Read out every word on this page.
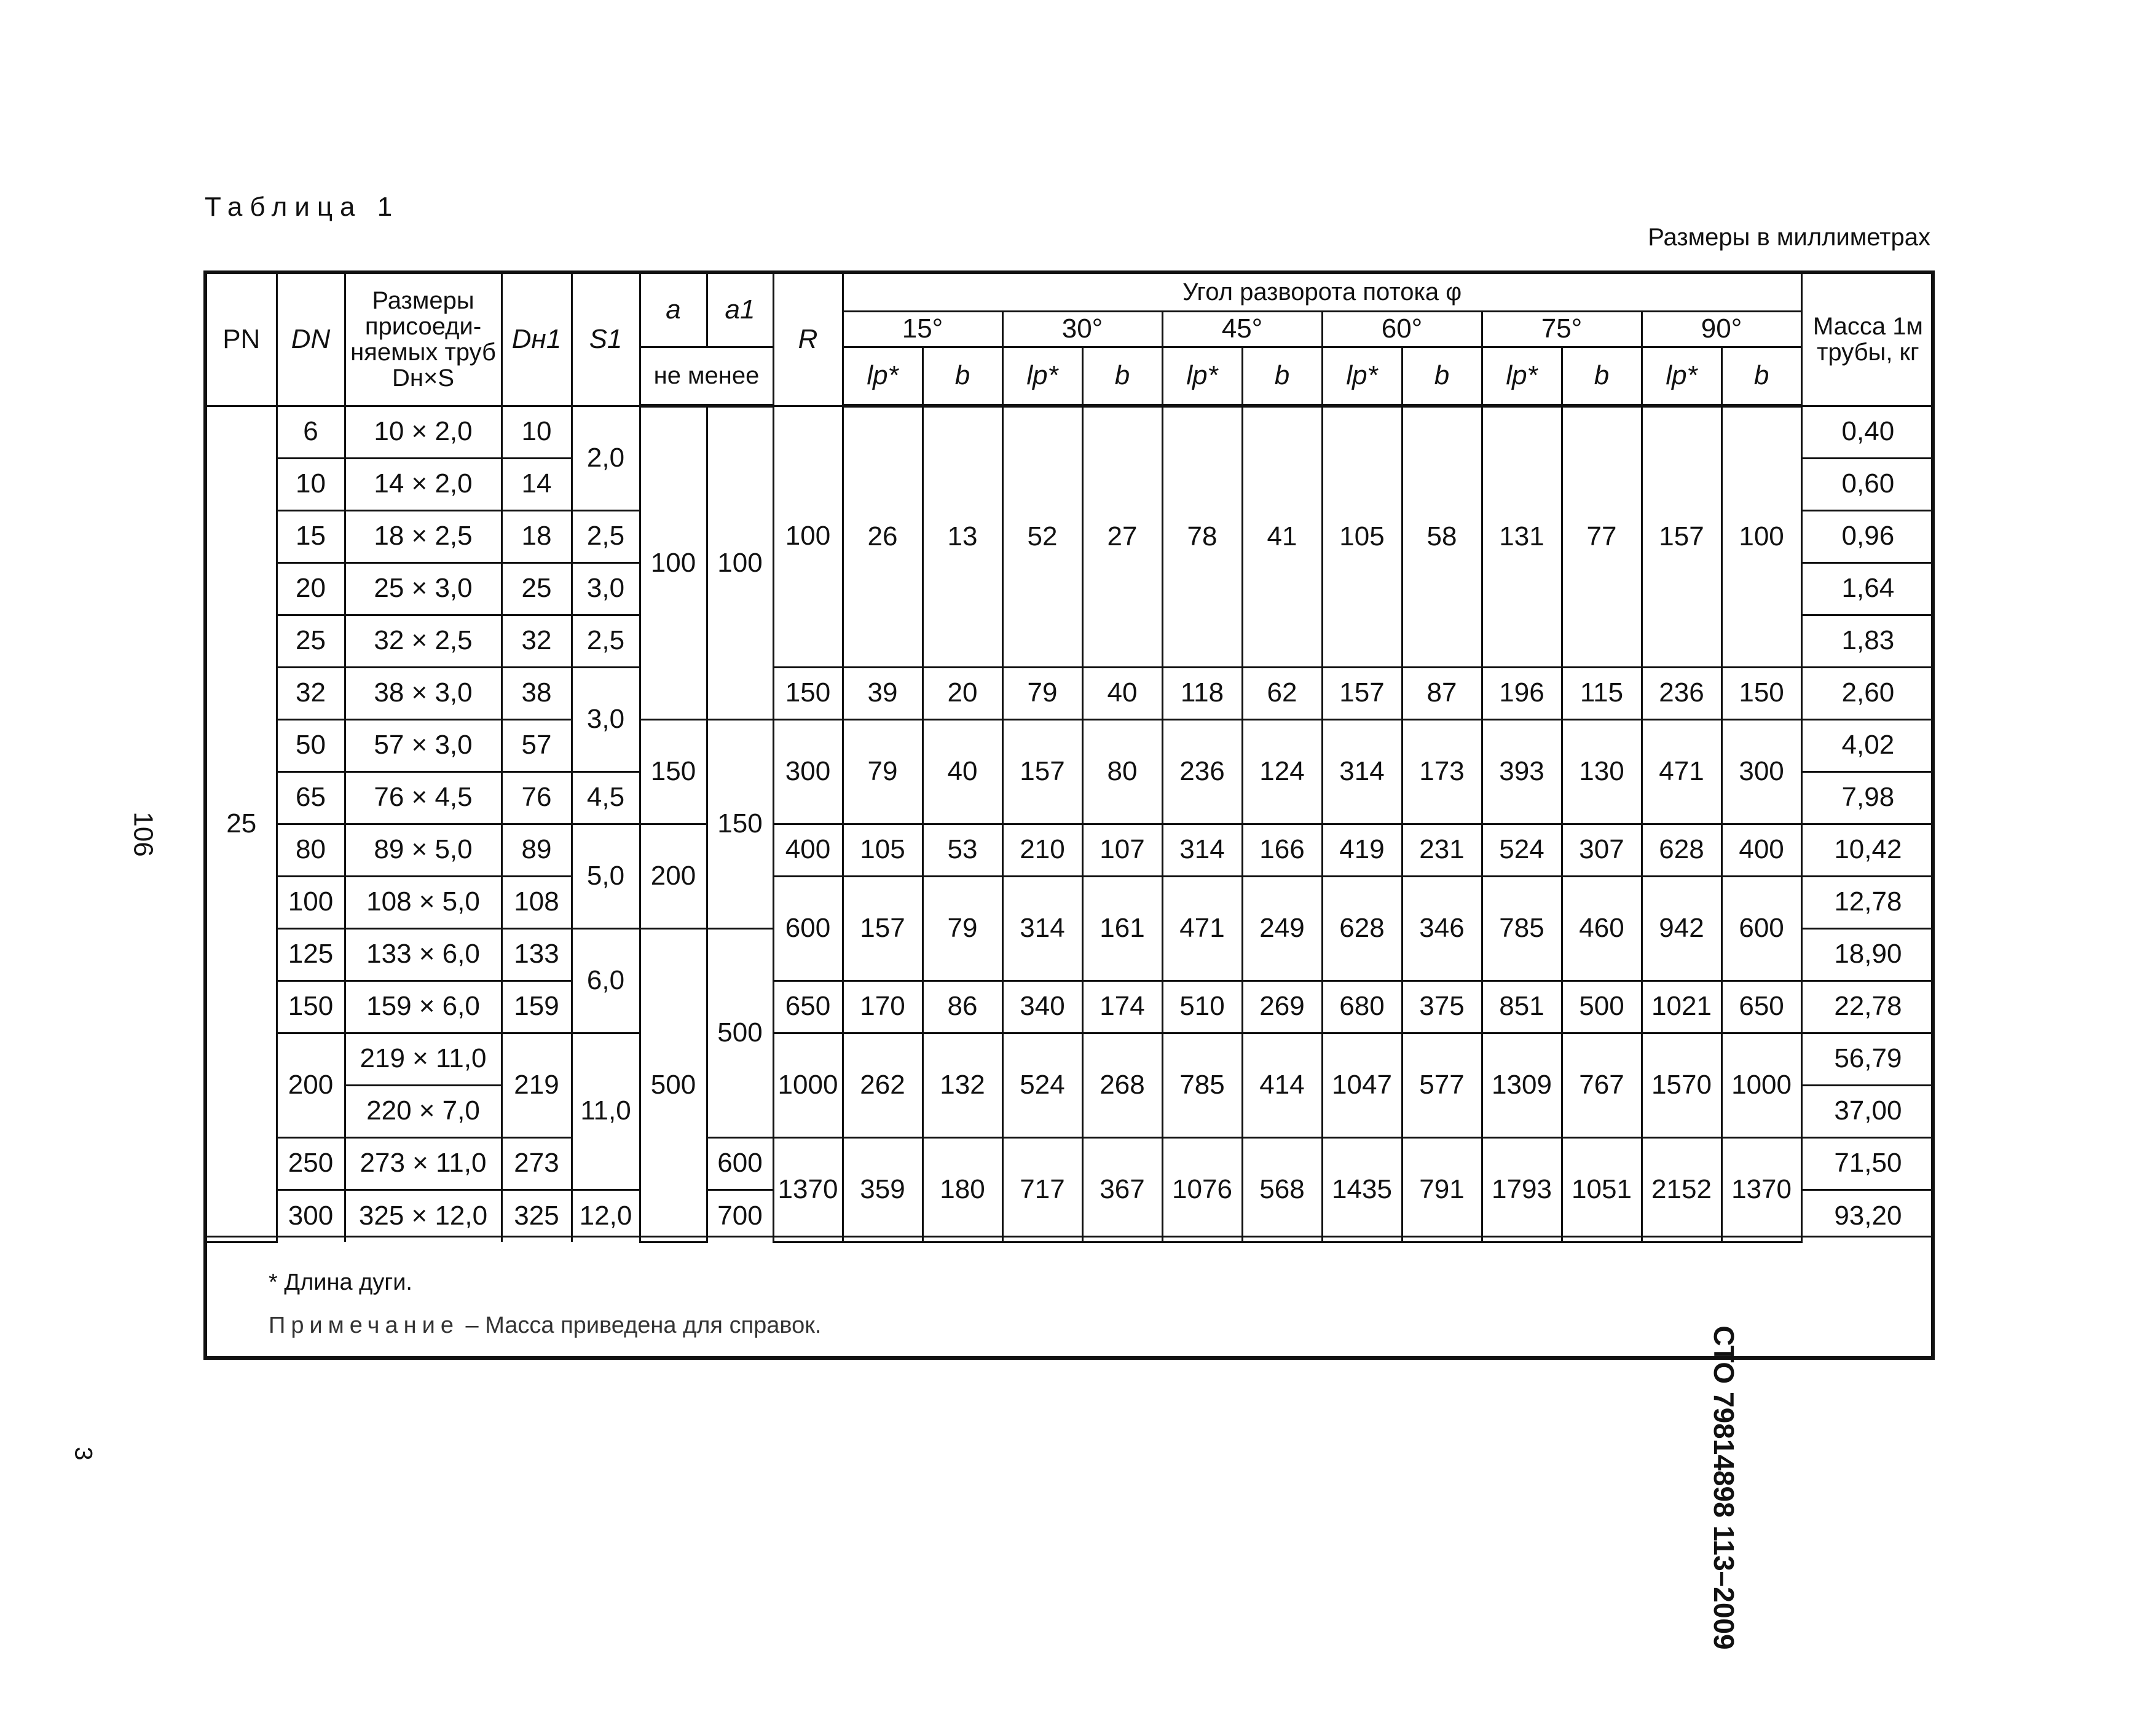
Таблица 1

Размеры в миллиметрах

PN	DN	Размеры присоеди-няемых труб Dн×S	Dн1	S1	a	a1	R	Угол разворота потока φ												Масса 1м трубы, кг
								15°		30°		45°		60°		75°		90°		
					не менее			lp*	b	lp*	b	lp*	b	lp*	b	lp*	b	lp*	b	
25	6	10 × 2,0	10	2,0	100	100	100	26	13	52	27	78	41	105	58	131	77	157	100	0,40
	10	14 × 2,0	14																	0,60
	15	18 × 2,5	18	2,5																0,96
	20	25 × 3,0	25	3,0																1,64
	25	32 × 2,5	32	2,5																1,83
	32	38 × 3,0	38	3,0			150	39	20	79	40	118	62	157	87	196	115	236	150	2,60
	50	57 × 3,0	57		150	150	300	79	40	157	80	236	124	314	173	393	130	471	300	4,02
	65	76 × 4,5	76	4,5																7,98
	80	89 × 5,0	89	5,0	200		400	105	53	210	107	314	166	419	231	524	307	628	400	10,42
	100	108 × 5,0	108				600	157	79	314	161	471	249	628	346	785	460	942	600	12,78
	125	133 × 6,0	133	6,0	500	500														18,90
	150	159 × 6,0	159				650	170	86	340	174	510	269	680	375	851	500	1021	650	22,78
	200	219 × 11,0	219	11,0			1000	262	132	524	268	785	414	1047	577	1309	767	1570	1000	56,79
		220 × 7,0																		37,00
	250	273 × 11,0	273			600	1370	359	180	717	367	1076	568	1435	791	1793	1051	2152	1370	71,50
	300	325 × 12,0	325	12,0		700														93,20

* Длина дуги.

Примечание – Масса приведена для справок.

106
3	СТО 79814898 113–2009
